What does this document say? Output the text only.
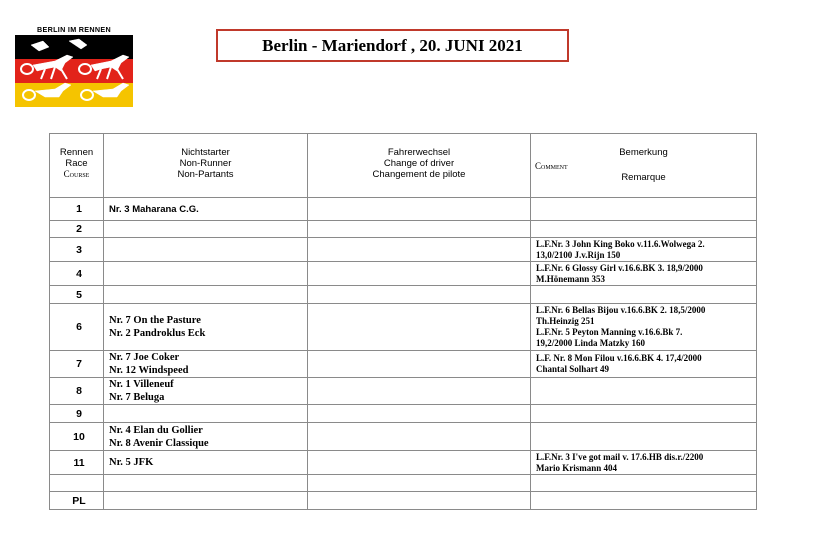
BERLIN IM RENNEN
Berlin - Mariendorf , 20. JUNI 2021
Rennen
Race
Course	Nichtstarter
Non-Runner
Non-Partants	Fahrerwechsel
Change of driver
Changement de pilote	Bemerkung
Comment
Remarque

1	Nr. 3 Maharana C.G.		

2			
3			L.F.Nr. 3 John King Boko v.11.6.Wolwega 2.
13,0/2100 J.v.Rijn 150

4			L.F.Nr. 6 Glossy Girl v.16.6.BK 3. 18,9/2000
M.Hönemann 353

5			
6	Nr. 7 On the Pasture
Nr. 2 Pandroklus Eck		L.F.Nr. 6 Bellas Bijou v.16.6.BK 2. 18,5/2000
Th.Heinzig 251
L.F.Nr. 5 Peyton Manning v.16.6.Bk 7.
19,2/2000 Linda Matzky 160

7	Nr. 7 Joe Coker
Nr. 12 Windspeed		L.F. Nr. 8 Mon Filou v.16.6.BK 4. 17,4/2000
Chantal Solhart 49

8	Nr. 1 Villeneuf
Nr. 7 Beluga		

9			
10	Nr. 4 Elan du Gollier
Nr. 8 Avenir Classique		

11	Nr. 5 JFK		L.F.Nr. 3 I've got mail v. 17.6.HB dis.r./2200
Mario Krismann 404

PL			
